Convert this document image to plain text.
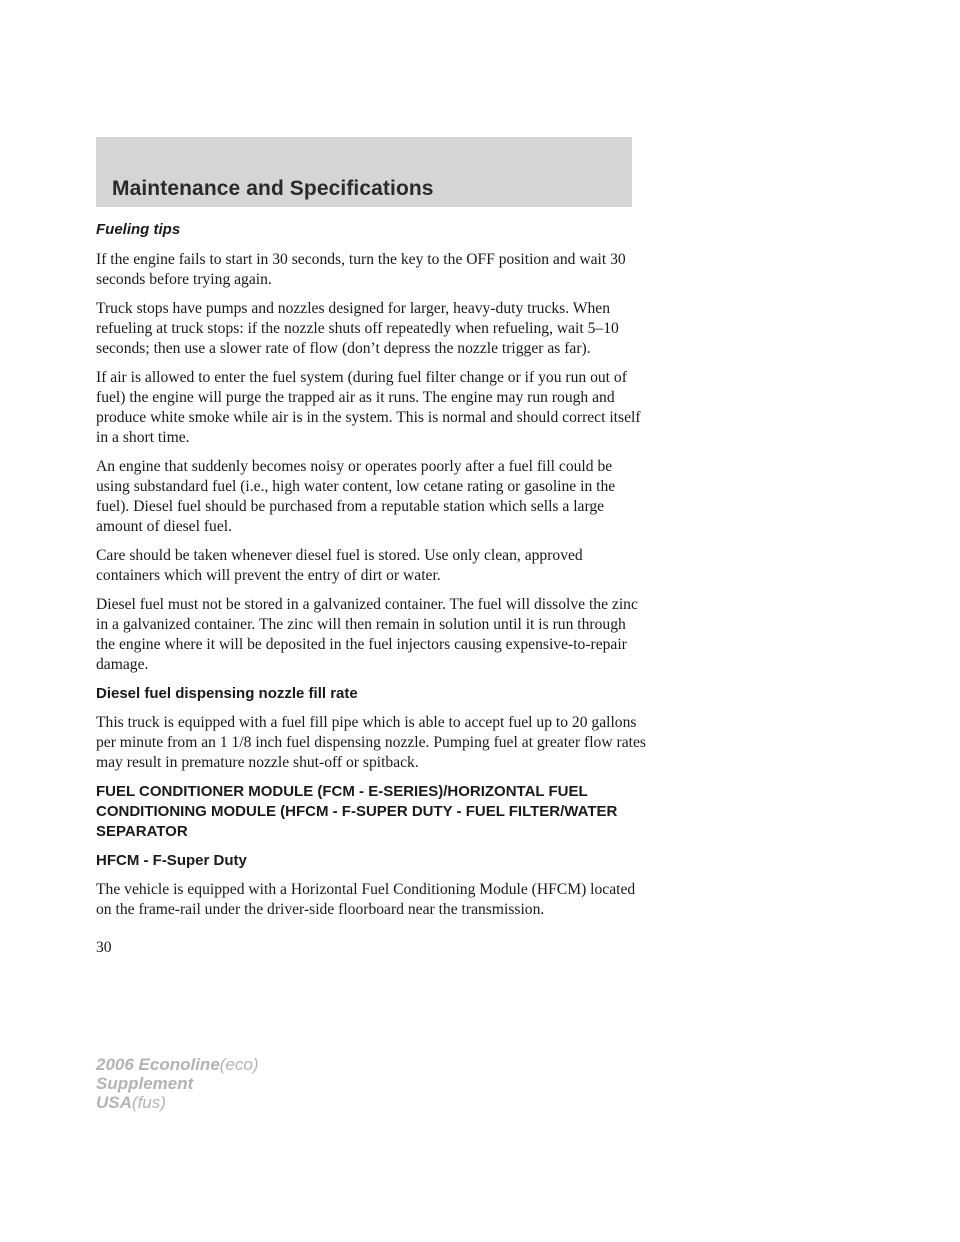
Maintenance and Specifications
Fueling tips

If the engine fails to start in 30 seconds, turn the key to the OFF position and wait 30 seconds before trying again.

Truck stops have pumps and nozzles designed for larger, heavy-duty trucks. When refueling at truck stops: if the nozzle shuts off repeatedly when refueling, wait 5–10 seconds; then use a slower rate of flow (don’t depress the nozzle trigger as far).

If air is allowed to enter the fuel system (during fuel filter change or if you run out of fuel) the engine will purge the trapped air as it runs. The engine may run rough and produce white smoke while air is in the system. This is normal and should correct itself in a short time.

An engine that suddenly becomes noisy or operates poorly after a fuel fill could be using substandard fuel (i.e., high water content, low cetane rating or gasoline in the fuel). Diesel fuel should be purchased from a reputable station which sells a large amount of diesel fuel.

Care should be taken whenever diesel fuel is stored. Use only clean, approved containers which will prevent the entry of dirt or water.

Diesel fuel must not be stored in a galvanized container. The fuel will dissolve the zinc in a galvanized container. The zinc will then remain in solution until it is run through the engine where it will be deposited in the fuel injectors causing expensive-to-repair damage.

Diesel fuel dispensing nozzle fill rate

This truck is equipped with a fuel fill pipe which is able to accept fuel up to 20 gallons per minute from an 1 1/8 inch fuel dispensing nozzle. Pumping fuel at greater flow rates may result in premature nozzle shut-off or spitback.

FUEL CONDITIONER MODULE (FCM - E-SERIES)/HORIZONTAL FUEL CONDITIONING MODULE (HFCM - F-SUPER DUTY - FUEL FILTER/WATER SEPARATOR
HFCM - F-Super Duty

The vehicle is equipped with a Horizontal Fuel Conditioning Module (HFCM) located on the frame-rail under the driver-side floorboard near the transmission.

30
2006 Econoline(eco)
Supplement
USA(fus)
